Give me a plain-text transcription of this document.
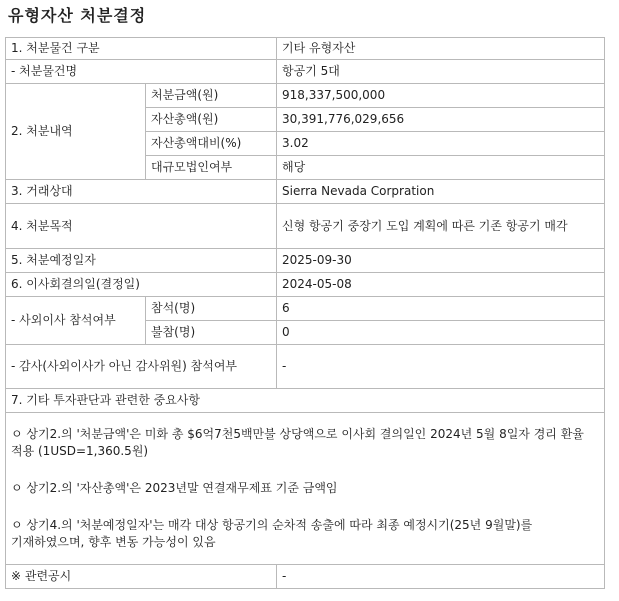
유형자산 처분결정
1. 처분물건 구분		기타 유형자산
- 처분물건명		항공기 5대
2. 처분내역	처분금액(원)	918,337,500,000
	자산총액(원)	30,391,776,029,656
	자산총액대비(%)	3.02
	대규모법인여부	해당
3. 거래상대		Sierra Nevada Corpration
4. 처분목적		신형 항공기 중장기 도입 계획에 따른 기존 항공기 매각
5. 처분예정일자		2025-09-30
6. 이사회결의일(결정일)		2024-05-08
- 사외이사 참석여부	참석(명)	6
	불참(명)	0
- 감사(사외이사가 아닌 감사위원) 참석여부		-
7. 기타 투자판단과 관련한 중요사항		

ㅇ 상기2.의 '처분금액'은 미화 총 $6억7천5백만불 상당액으로 이사회 결의일인 2024년 5월 8일자 경리 환율 적용 (1USD=1,360.5원)

ㅇ 상기2.의 '자산총액'은 2023년말 연결재무제표 기준 금액임

ㅇ 상기4.의 '처분예정일자'는 매각 대상 항공기의 순차적 송출에 따라 최종 예정시기(25년 9월말)를 기재하였으며, 향후 변동 가능성이 있음		

※ 관련공시		-
